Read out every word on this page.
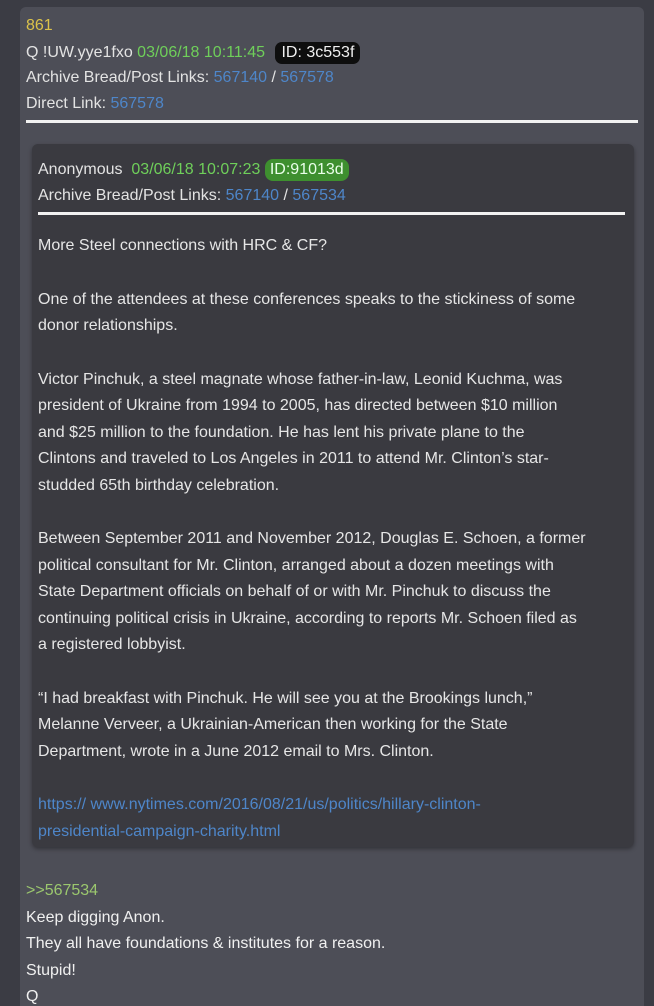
861
Q !UW.yye1fxo 03/06/18 10:11:45 ID: 3c553f
Archive Bread/Post Links: 567140 / 567578
Direct Link: 567578
Anonymous 03/06/18 10:07:23 ID:91013d
Archive Bread/Post Links: 567140 / 567534

More Steel connections with HRC & CF?

One of the attendees at these conferences speaks to the stickiness of some
donor relationships.

Victor Pinchuk, a steel magnate whose father-in-law, Leonid Kuchma, was
president of Ukraine from 1994 to 2005, has directed between $10 million
and $25 million to the foundation. He has lent his private plane to the
Clintons and traveled to Los Angeles in 2011 to attend Mr. Clinton’s star-
studded 65th birthday celebration.

Between September 2011 and November 2012, Douglas E. Schoen, a former
political consultant for Mr. Clinton, arranged about a dozen meetings with
State Department officials on behalf of or with Mr. Pinchuk to discuss the
continuing political crisis in Ukraine, according to reports Mr. Schoen filed as
a registered lobbyist.

“I had breakfast with Pinchuk. He will see you at the Brookings lunch,”
Melanne Verveer, a Ukrainian-American then working for the State
Department, wrote in a June 2012 email to Mrs. Clinton.

https:// www.nytimes.com/2016/08/21/us/politics/hillary-clinton-
presidential-campaign-charity.html

>>567534
Keep digging Anon.
They all have foundations & institutes for a reason.
Stupid!
Q
